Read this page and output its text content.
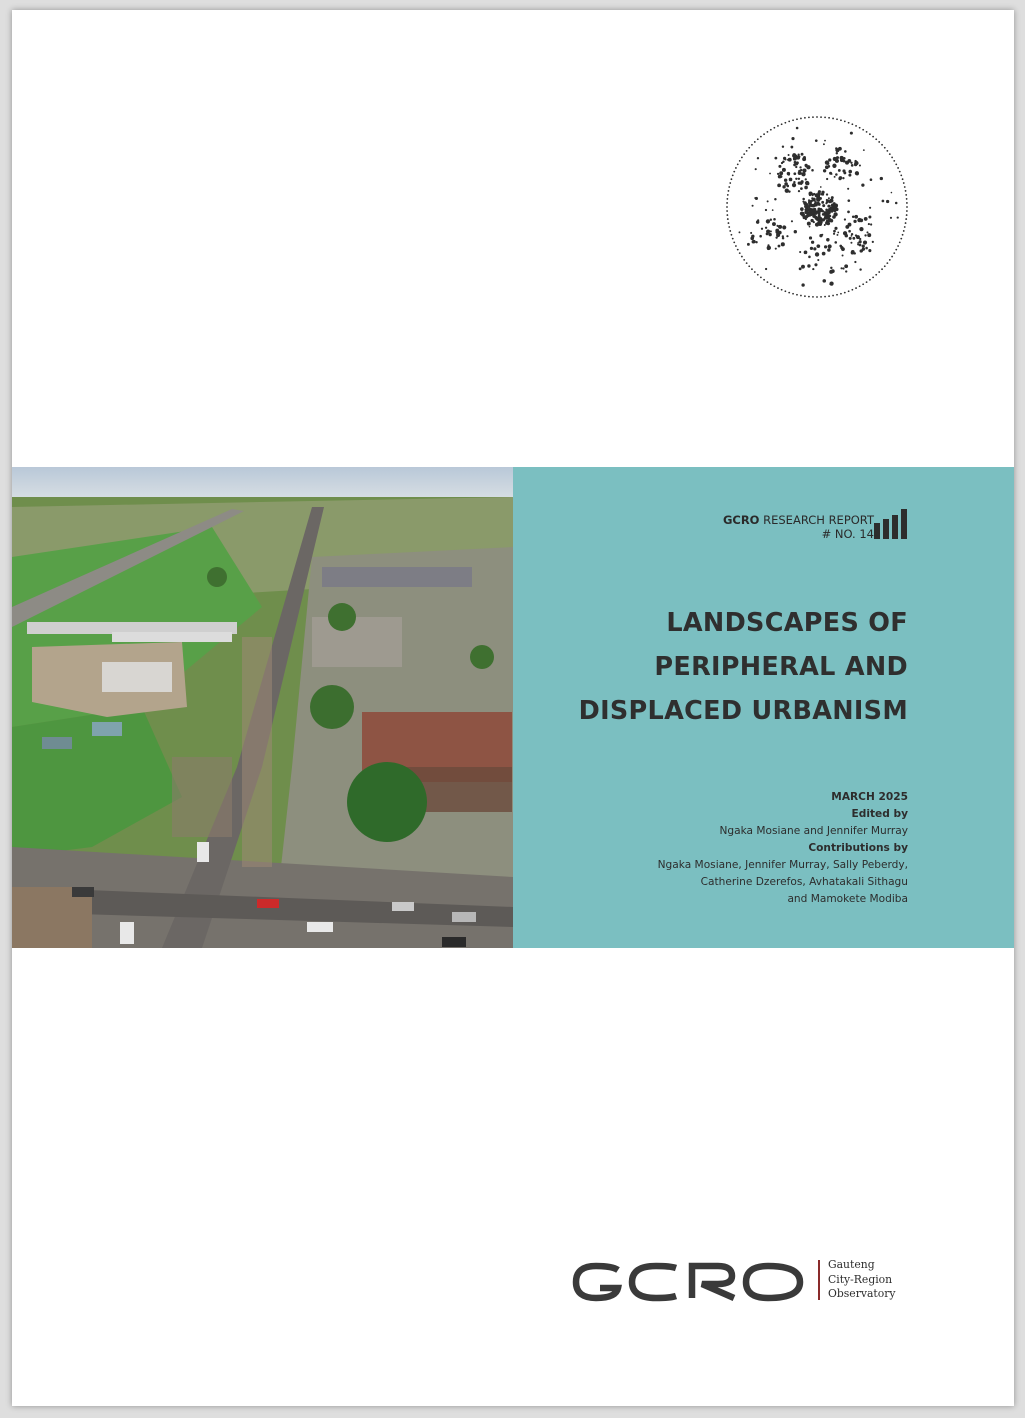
GCRO RESEARCH REPORT
# NO. 14
LANDSCAPES OF
PERIPHERAL AND
DISPLACED URBANISM
MARCH 2025
Edited by
Ngaka Mosiane and Jennifer Murray
Contributions by
Ngaka Mosiane, Jennifer Murray, Sally Peberdy,
Catherine Dzerefos, Avhatakali Sithagu
and Mamokete Modiba
Gauteng
City-Region
Observatory
